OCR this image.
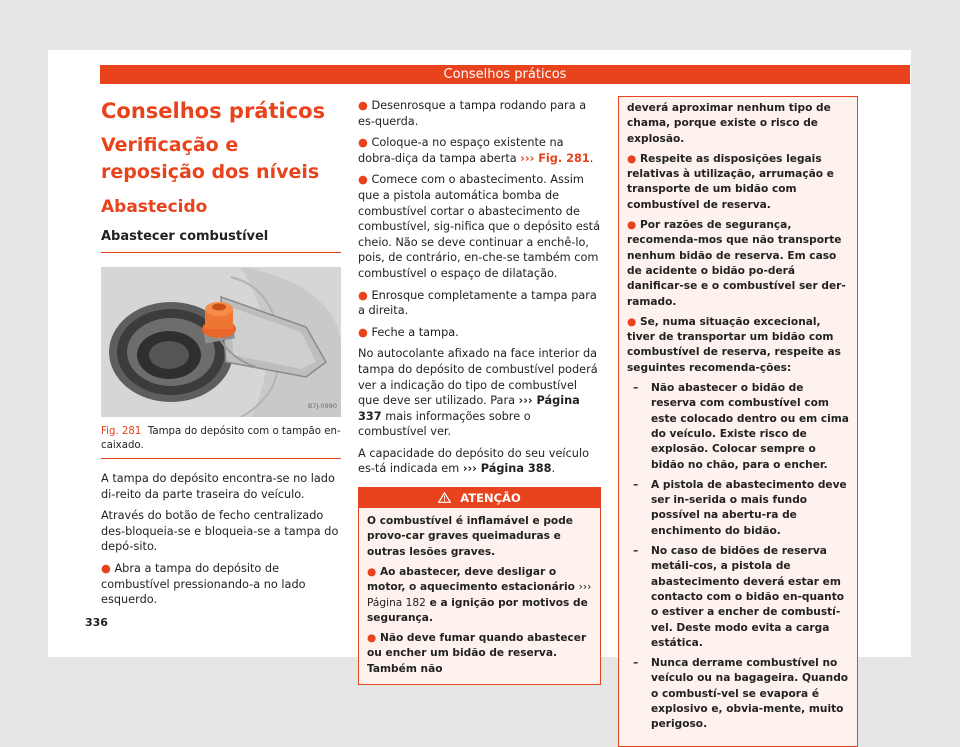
Conselhos práticos
Conselhos práticos
Verificação e reposição dos níveis
Abastecido
Abastecer combustível
B7J-0990
Fig. 281 Tampa do depósito com o tampão en-caixado.

A tampa do depósito encontra-se no lado di-reito da parte traseira do veículo.

Através do botão de fecho centralizado des-bloqueia-se e bloqueia-se a tampa do depó-sito.

● Abra a tampa do depósito de combustível pressionando-a no lado esquerdo.

● Desenrosque a tampa rodando para a es-querda.

● Coloque-a no espaço existente na dobra-diça da tampa aberta ››› Fig. 281.

● Comece com o abastecimento. Assim que a pistola automática bomba de combustível cortar o abastecimento de combustível, sig-nifica que o depósito está cheio. Não se deve continuar a enchê-lo, pois, de contrário, en-che-se também com combustível o espaço de dilatação.

● Enrosque completamente a tampa para a direita.

● Feche a tampa.

No autocolante afixado na face interior da tampa do depósito de combustível poderá ver a indicação do tipo de combustível que deve ser utilizado. Para ››› Página 337 mais informações sobre o combustível ver.

A capacidade do depósito do seu veículo es-tá indicada em ››› Página 388.

ATENÇÃO

O combustível é inflamável e pode provo-car graves queimaduras e outras lesões graves.

● Ao abastecer, deve desligar o motor, o aquecimento estacionário ››› Página 182 e a ignição por motivos de segurança.

● Não deve fumar quando abastecer ou encher um bidão de reserva. Também não

deverá aproximar nenhum tipo de chama, porque existe o risco de explosão.

● Respeite as disposições legais relativas à utilização, arrumação e transporte de um bidão com combustível de reserva.

● Por razões de segurança, recomenda-mos que não transporte nenhum bidão de reserva. Em caso de acidente o bidão po-derá danificar-se e o combustível ser der-ramado.

● Se, numa situação excecional, tiver de transportar um bidão com combustível de reserva, respeite as seguintes recomenda-ções:

– Não abastecer o bidão de reserva com combustível com este colocado dentro ou em cima do veículo. Existe risco de explosão. Colocar sempre o bidão no chão, para o encher.
– A pistola de abastecimento deve ser in-serida o mais fundo possível na abertu-ra de enchimento do bidão.
– No caso de bidões de reserva metáli-cos, a pistola de abastecimento deverá estar em contacto com o bidão en-quanto o estiver a encher de combustí-vel. Deste modo evita a carga estática.
– Nunca derrame combustível no veículo ou na bagageira. Quando o combustí-vel se evapora é explosivo e, obvia-mente, muito perigoso.
336
